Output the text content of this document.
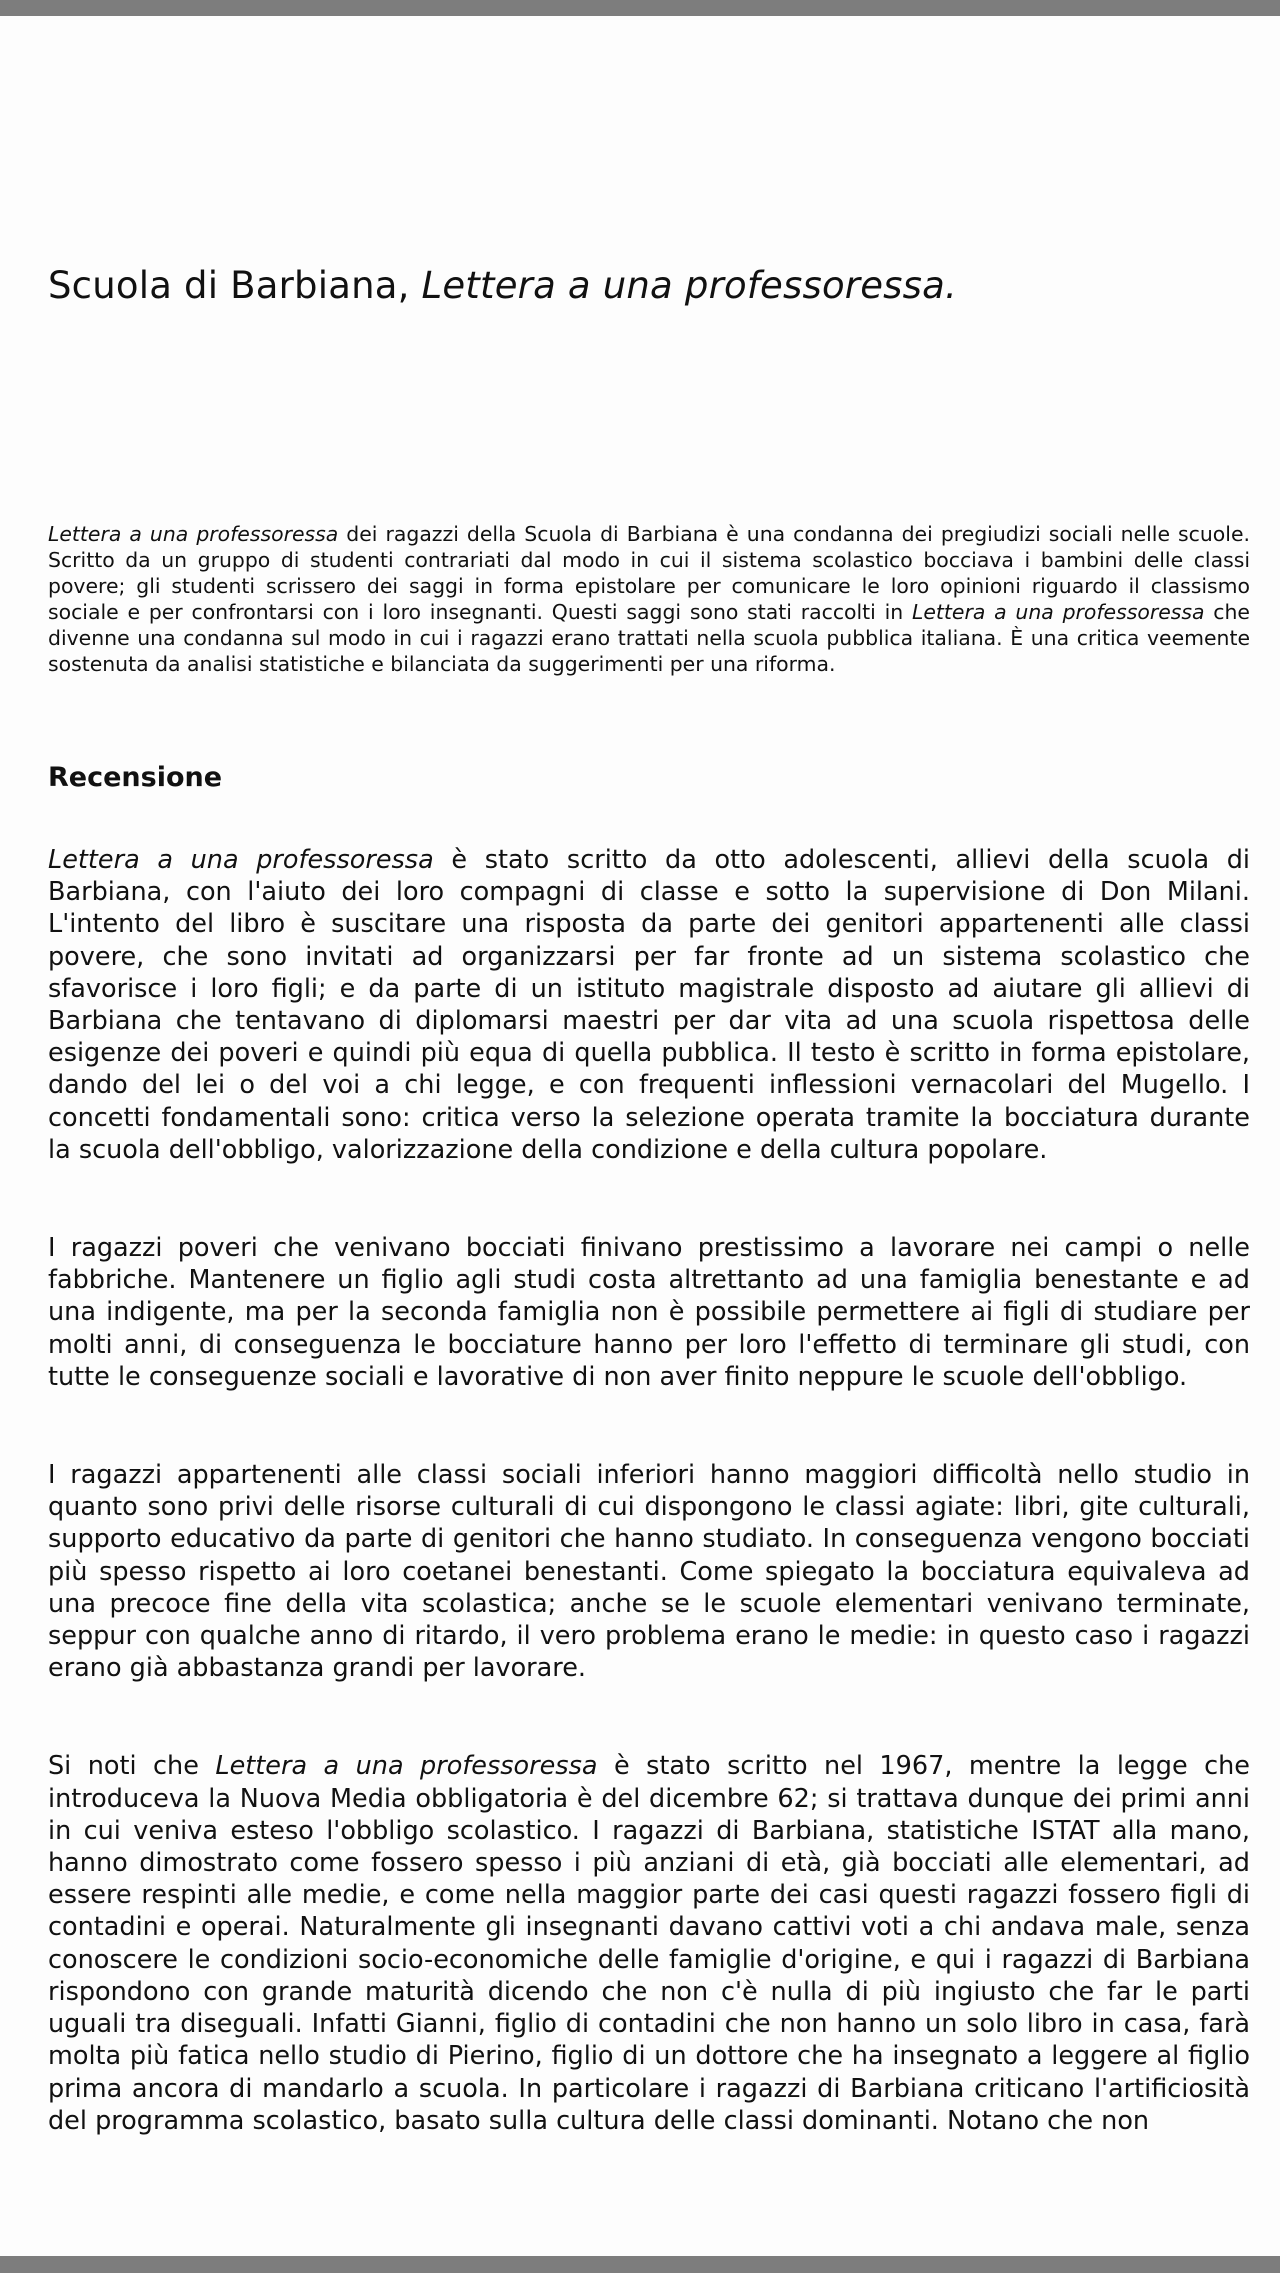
Scuola di Barbiana, Lettera a una professoressa.

Lettera a una professoressa dei ragazzi della Scuola di Barbiana è una condanna dei pregiudizi sociali nelle scuole. Scritto da un gruppo di studenti contrariati dal modo in cui il sistema scolastico bocciava i bambini delle classi povere; gli studenti scrissero dei saggi in forma epistolare per comunicare le loro opinioni riguardo il classismo sociale e per confrontarsi con i loro insegnanti. Questi saggi sono stati raccolti in Lettera a una professoressa che divenne una condanna sul modo in cui i ragazzi erano trattati nella scuola pubblica italiana. È una critica veemente sostenuta da analisi statistiche e bilanciata da suggerimenti per una riforma.

Recensione

Lettera a una professoressa è stato scritto da otto adolescenti, allievi della scuola di Barbiana, con l'aiuto dei loro compagni di classe e sotto la supervisione di Don Milani. L'intento del libro è suscitare una risposta da parte dei genitori appartenenti alle classi povere, che sono invitati ad organizzarsi per far fronte ad un sistema scolastico che sfavorisce i loro figli; e da parte di un istituto magistrale disposto ad aiutare gli allievi di Barbiana che tentavano di diplomarsi maestri per dar vita ad una scuola rispettosa delle esigenze dei poveri e quindi più equa di quella pubblica. Il testo è scritto in forma epistolare, dando del lei o del voi a chi legge, e con frequenti inflessioni vernacolari del Mugello. I concetti fondamentali sono: critica verso la selezione operata tramite la bocciatura durante la scuola dell'obbligo, valorizzazione della condizione e della cultura popolare.

I ragazzi poveri che venivano bocciati finivano prestissimo a lavorare nei campi o nelle fabbriche. Mantenere un figlio agli studi costa altrettanto ad una famiglia benestante e ad una indigente, ma per la seconda famiglia non è possibile permettere ai figli di studiare per molti anni, di conseguenza le bocciature hanno per loro l'effetto di terminare gli studi, con tutte le conseguenze sociali e lavorative di non aver finito neppure le scuole dell'obbligo.

I ragazzi appartenenti alle classi sociali inferiori hanno maggiori difficoltà nello studio in quanto sono privi delle risorse culturali di cui dispongono le classi agiate: libri, gite culturali, supporto educativo da parte di genitori che hanno studiato. In conseguenza vengono bocciati più spesso rispetto ai loro coetanei benestanti. Come spiegato la bocciatura equivaleva ad una precoce fine della vita scolastica; anche se le scuole elementari venivano terminate, seppur con qualche anno di ritardo, il vero problema erano le medie: in questo caso i ragazzi erano già abbastanza grandi per lavorare.

Si noti che Lettera a una professoressa è stato scritto nel 1967, mentre la legge che introduceva la Nuova Media obbligatoria è del dicembre 62; si trattava dunque dei primi anni in cui veniva esteso l'obbligo scolastico. I ragazzi di Barbiana, statistiche ISTAT alla mano, hanno dimostrato come fossero spesso i più anziani di età, già bocciati alle elementari, ad essere respinti alle medie, e come nella maggior parte dei casi questi ragazzi fossero figli di contadini e operai. Naturalmente gli insegnanti davano cattivi voti a chi andava male, senza conoscere le condizioni socio-economiche delle famiglie d'origine, e qui i ragazzi di Barbiana rispondono con grande maturità dicendo che non c'è nulla di più ingiusto che far le parti uguali tra diseguali. Infatti Gianni, figlio di contadini che non hanno un solo libro in casa, farà molta più fatica nello studio di Pierino, figlio di un dottore che ha insegnato a leggere al figlio prima ancora di mandarlo a scuola. In particolare i ragazzi di Barbiana criticano l'artificiosità del programma scolastico, basato sulla cultura delle classi dominanti. Notano che non
